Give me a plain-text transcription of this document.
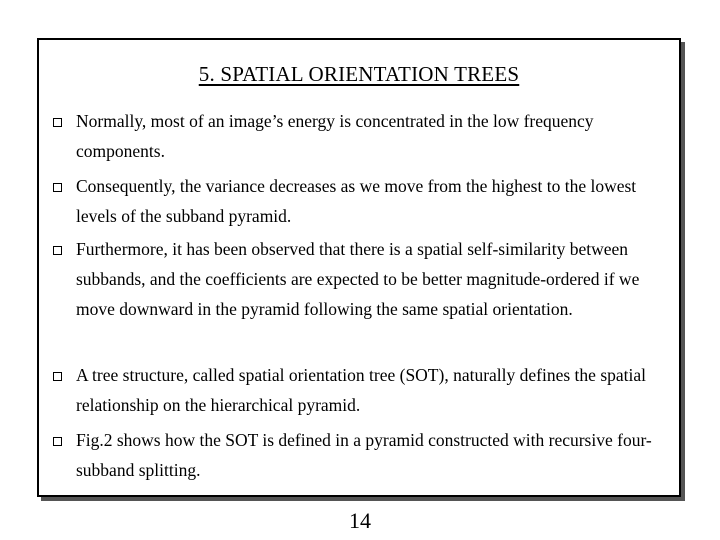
5. SPATIAL ORIENTATION TREES
Normally, most of an image’s energy is concentrated in the low frequency components.
Consequently, the variance decreases as we move from the highest to the lowest levels of the subband pyramid.
Furthermore, it has been observed that there is a spatial self-similarity between subbands, and the coefficients are expected to be better magnitude-ordered if we move downward in the pyramid following the same spatial orientation.
A tree structure, called spatial orientation tree (SOT), naturally defines the spatial relationship on the hierarchical pyramid.
Fig.2 shows how the SOT is defined in a pyramid constructed with recursive four-subband splitting.
14
